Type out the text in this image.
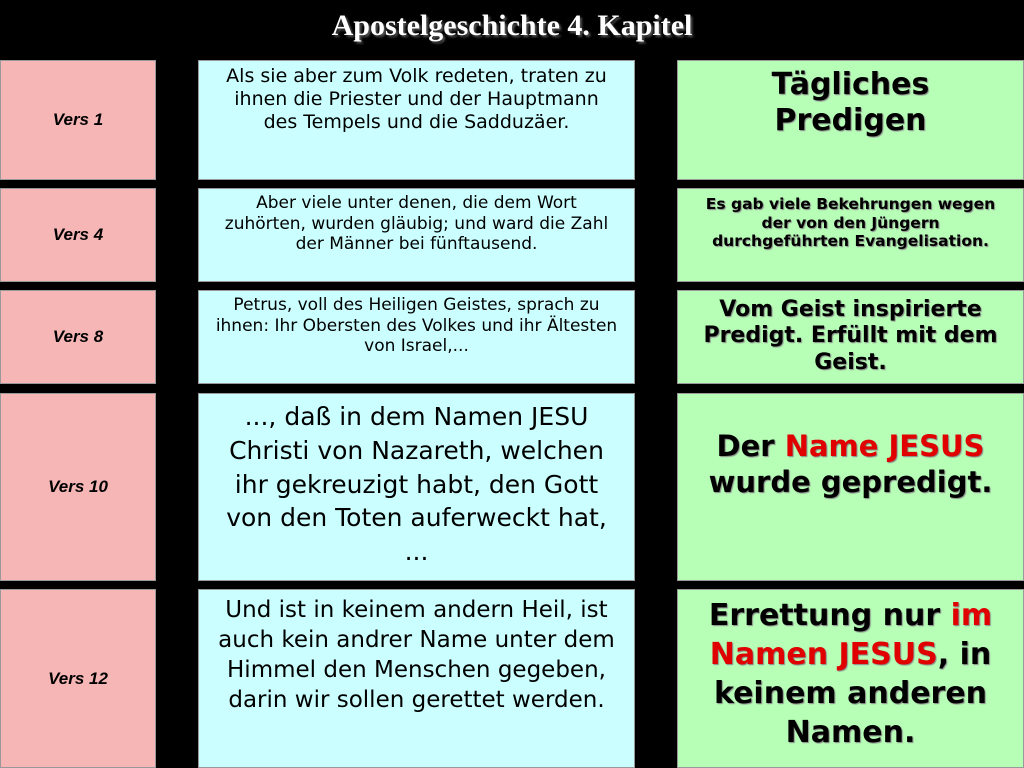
Apostelgeschichte 4. Kapitel
Vers 1
Als sie aber zum Volk redeten, traten zu ihnen die Priester und der Hauptmann des Tempels und die Sadduzäer.
Tägliches Predigen
Vers 4
Aber viele unter denen, die dem Wort zuhörten, wurden gläubig; und ward die Zahl der Männer bei fünftausend.
Es gab viele Bekehrungen wegen der von den Jüngern durchgeführten Evangelisation.
Vers 8
Petrus, voll des Heiligen Geistes, sprach zu ihnen: Ihr Obersten des Volkes und ihr Ältesten von Israel,...
Vom Geist inspirierte Predigt. Erfüllt mit dem Geist.
Vers 10
..., daß in dem Namen JESU Christi von Nazareth, welchen ihr gekreuzigt habt, den Gott von den Toten auferweckt hat, ...
Der Name JESUS wurde gepredigt.
Vers 12
Und ist in keinem andern Heil, ist auch kein andrer Name unter dem Himmel den Menschen gegeben, darin wir sollen gerettet werden.
Errettung nur im Namen JESUS, in keinem anderen Namen.
